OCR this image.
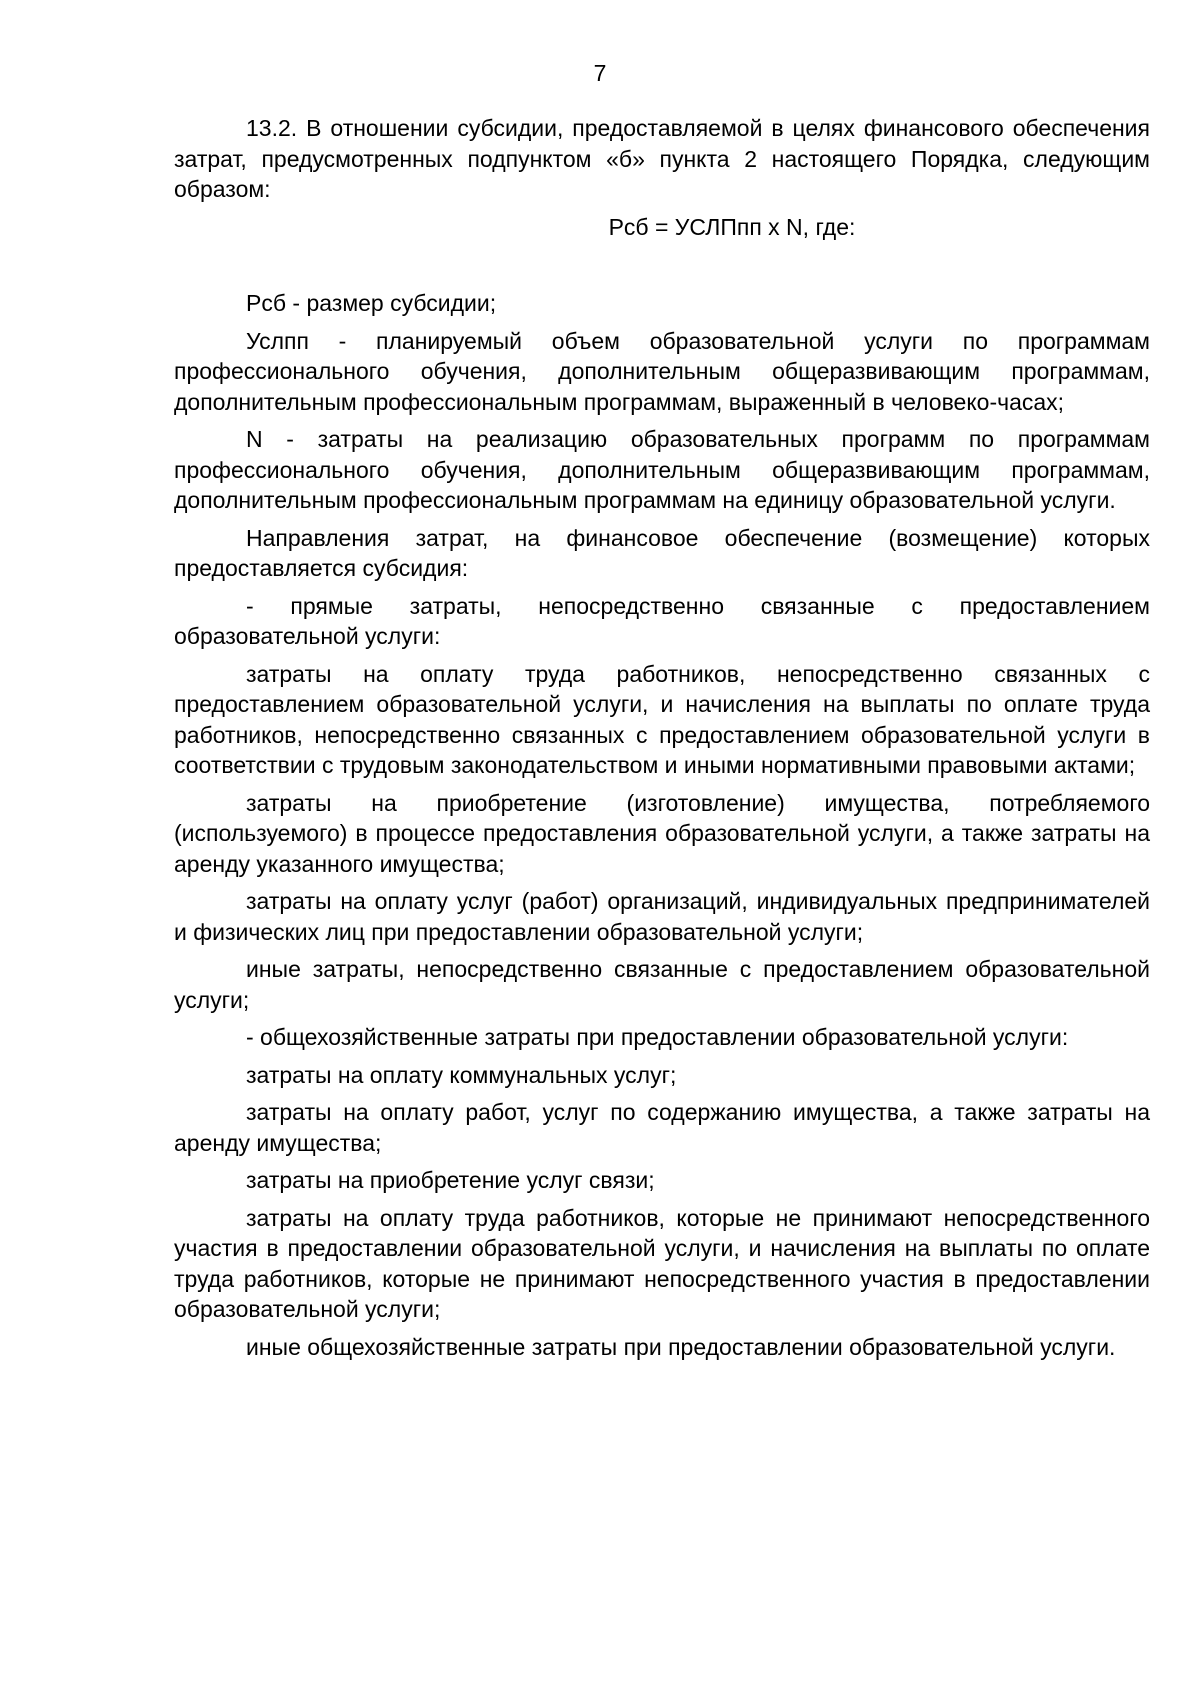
7

13.2. В отношении субсидии, предоставляемой в целях финансового обеспечения затрат, предусмотренных подпунктом «б» пункта 2 настоящего Порядка, следующим образом:

Рсб = УСЛПпп х N, где:

Рсб - размер субсидии;

Услпп - планируемый объем образовательной услуги по программам профессионального обучения, дополнительным общеразвивающим программам, дополнительным профессиональным программам, выраженный в человеко-часах;

N - затраты на реализацию образовательных программ по программам профессионального обучения, дополнительным общеразвивающим программам, дополнительным профессиональным программам на единицу образовательной услуги.

Направления затрат, на финансовое обеспечение (возмещение) которых предоставляется субсидия:

- прямые затраты, непосредственно связанные с предоставлением образовательной услуги:

затраты на оплату труда работников, непосредственно связанных с предоставлением образовательной услуги, и начисления на выплаты по оплате труда работников, непосредственно связанных с предоставлением образовательной услуги в соответствии с трудовым законодательством и иными нормативными правовыми актами;

затраты на приобретение (изготовление) имущества, потребляемого (используемого) в процессе предоставления образовательной услуги, а также затраты на аренду указанного имущества;

затраты на оплату услуг (работ) организаций, индивидуальных предпринимателей и физических лиц при предоставлении образовательной услуги;

иные затраты, непосредственно связанные с предоставлением образовательной услуги;

- общехозяйственные затраты при предоставлении образовательной услуги:

затраты на оплату коммунальных услуг;

затраты на оплату работ, услуг по содержанию имущества, а также затраты на аренду имущества;

затраты на приобретение услуг связи;

затраты на оплату труда работников, которые не принимают непосредственного участия в предоставлении образовательной услуги, и начисления на выплаты по оплате труда работников, которые не принимают непосредственного участия в предоставлении образовательной услуги;

иные общехозяйственные затраты при предоставлении образовательной услуги.
